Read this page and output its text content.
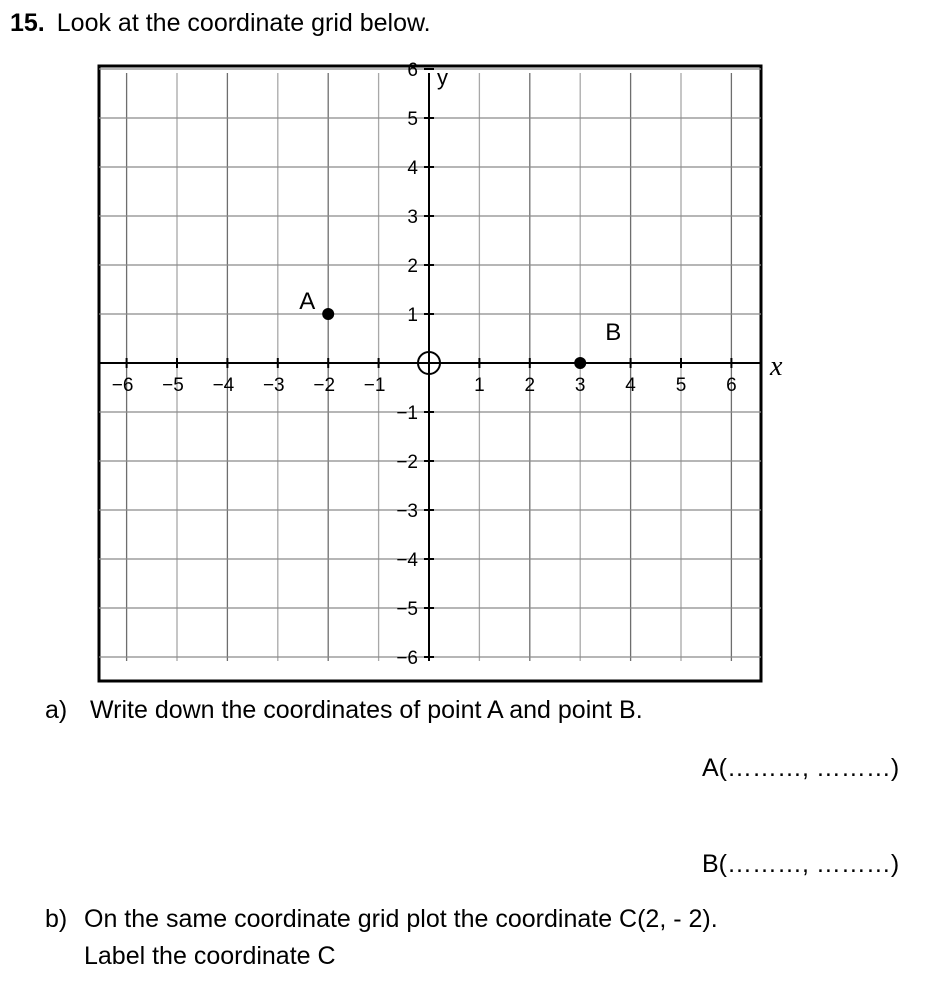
15. Look at the coordinate grid below.
−6 −5 −4 −3 −2 −1	1 2 3 4 5 6
−6
−5
−4
−3
−2
−1
1
2
3
4
5
6
x
y
A
B
a) Write down the coordinates of point A and point B.
A(………, ………)
B(………, ………)
b) On the same coordinate grid plot the coordinate C(2, - 2).
Label the coordinate C
